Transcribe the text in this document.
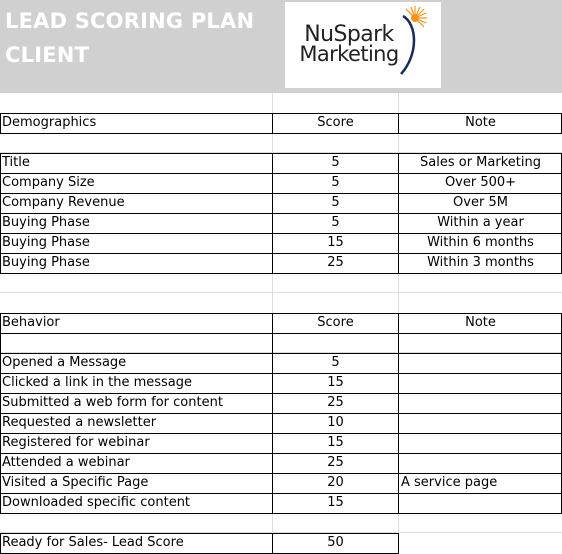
LEAD SCORING PLAN
CLIENT
NuSpark
Marketing
Demographics	Score	Note
Title	5	Sales or Marketing
Company Size	5	Over 500+
Company Revenue	5	Over 5M
Buying Phase	5	Within a year
Buying Phase	15	Within 6 months
Buying Phase	25	Within 3 months
Behavior	Score	Note
Opened a Message	5
Clicked a link in the message	15
Submitted a web form for content	25
Requested a newsletter	10
Registered for webinar	15
Attended a webinar	25
Visited a Specific Page	20	A service page
Downloaded specific content	15
Ready for Sales- Lead Score	50
